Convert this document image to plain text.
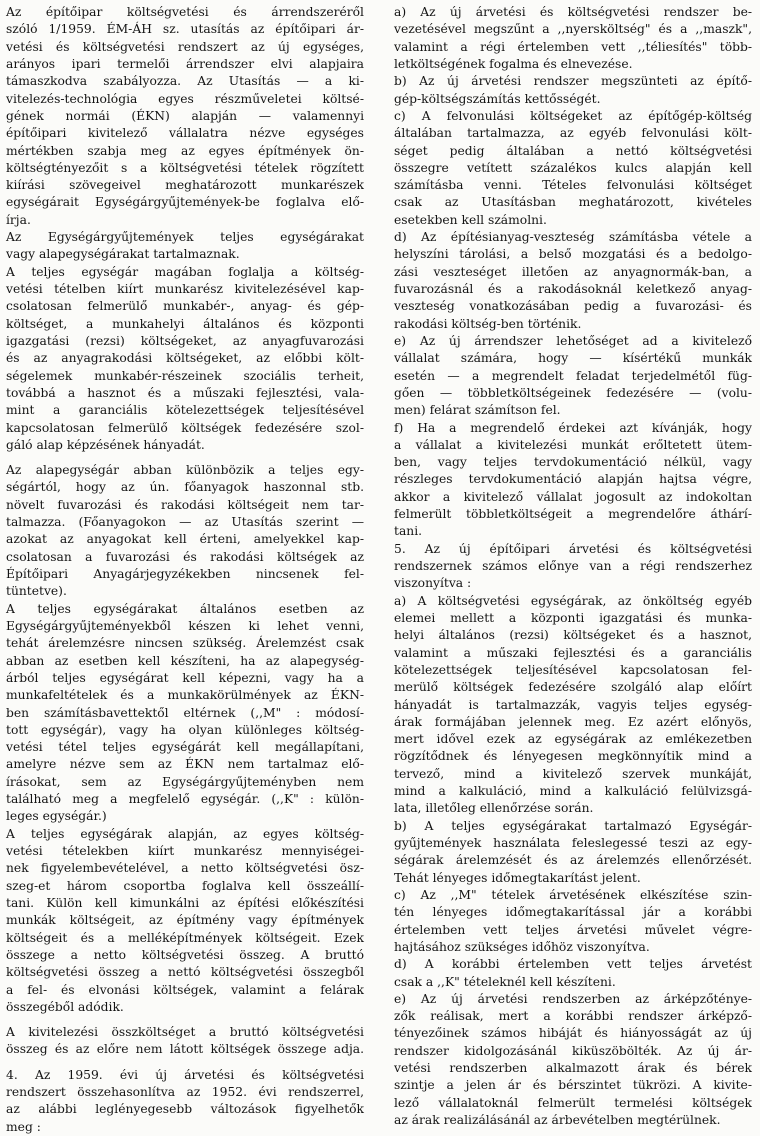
Az építőipar költségvetési és árrendszeréről
szóló 1/1959. ÉM-ÁH sz. utasítás az építőipari ár-
vetési és költségvetési rendszert az új egységes,
arányos ipari termelői árrendszer elvi alapjaira
támaszkodva szabályozza. Az Utasítás — a ki-
vitelezés-technológia egyes részműveletei költsé-
gének normái (ÉKN) alapján — valamennyi
építőipari kivitelező vállalatra nézve egységes
mértékben szabja meg az egyes építmények ön-
költségtényezőit s a költségvetési tételek rögzített
kiírási szövegeivel meghatározott munkarészek
egységárait Egységárgyűjtemények-be foglalva elő-
írja.
Az Egységárgyűjtemények teljes egységárakat
vagy alapegységárakat tartalmaznak.
A teljes egységár magában foglalja a költség-
vetési tételben kiírt munkarész kivitelezésével kap-
csolatosan felmerülő munkabér-, anyag- és gép-
költséget, a munkahelyi általános és központi
igazgatási (rezsi) költségeket, az anyagfuvarozási
és az anyagrakodási költségeket, az előbbi költ-
ségelemek munkabér-részeinek szociális terheit,
továbbá a hasznot és a műszaki fejlesztési, vala-
mint a garanciális kötelezettségek teljesítésével
kapcsolatosan felmerülő költségek fedezésére szol-
gáló alap képzésének hányadát.
Az alapegységár abban különbözik a teljes egy-
ségártól, hogy az ún. főanyagok haszonnal stb.
növelt fuvarozási és rakodási költségeit nem tar-
talmazza. (Főanyagokon — az Utasítás szerint —
azokat az anyagokat kell érteni, amelyekkel kap-
csolatosan a fuvarozási és rakodási költségek az
Építőipari Anyagárjegyzékekben nincsenek fel-
tüntetve).
A teljes egységárakat általános esetben az
Egységárgyűjteményekből készen ki lehet venni,
tehát árelemzésre nincsen szükség. Árelemzést csak
abban az esetben kell készíteni, ha az alapegység-
árból teljes egységárat kell képezni, vagy ha a
munkafeltételek és a munkakörülmények az ÉKN-
ben számításbavettektől eltérnek (,,M" : módosí-
tott egységár), vagy ha olyan különleges költség-
vetési tétel teljes egységárát kell megállapítani,
amelyre nézve sem az ÉKN nem tartalmaz elő-
írásokat, sem az Egységárgyűjteményben nem
található meg a megfelelő egységár. (,,K" : külön-
leges egységár.)
A teljes egységárak alapján, az egyes költség-
vetési tételekben kiírt munkarész mennyiségei-
nek figyelembevételével, a netto költségvetési ösz-
szeg-et három csoportba foglalva kell összeállí-
tani. Külön kell kimunkálni az építési előkészítési
munkák költségeit, az építmény vagy építmények
költségeit és a melléképítmények költségeit. Ezek
összege a netto költségvetési összeg. A bruttó
költségvetési összeg a nettó költségvetési összegből
a fel- és elvonási költségek, valamint a felárak
összegéből adódik.
A kivitelezési összköltséget a bruttó költségvetési
összeg és az előre nem látott költségek összege adja.
4. Az 1959. évi új árvetési és költségvetési
rendszert összehasonlítva az 1952. évi rendszerrel,
az alábbi leglényegesebb változások figyelhetők
meg :
a) Az új árvetési és költségvetési rendszer be-
vezetésével megszűnt a ,,nyersköltség" és a ,,maszk",
valamint a régi értelemben vett ,,téliesítés" több-
letköltségének fogalma és elnevezése.
b) Az új árvetési rendszer megszünteti az építő-
gép-költségszámítás kettősségét.
c) A felvonulási költségeket az építőgép-költség
általában tartalmazza, az egyéb felvonulási költ-
séget pedig általában a nettó költségvetési
összegre vetített százalékos kulcs alapján kell
számításba venni. Tételes felvonulási költséget
csak az Utasításban meghatározott, kivételes
esetekben kell számolni.
d) Az építésianyag-veszteség számításba vétele a
helyszíni tárolási, a belső mozgatási és a bedolgo-
zási veszteséget illetően az anyagnormák-ban, a
fuvarozásnál és a rakodásoknál keletkező anyag-
veszteség vonatkozásában pedig a fuvarozási- és
rakodási költség-ben történik.
e) Az új árrendszer lehetőséget ad a kivitelező
vállalat számára, hogy — kísértékű munkák
esetén — a megrendelt feladat terjedelmétől füg-
gően — többletköltségeinek fedezésére — (volu-
men) felárat számítson fel.
f) Ha a megrendelő érdekei azt kívánják, hogy
a vállalat a kivitelezési munkát erőltetett ütem-
ben, vagy teljes tervdokumentáció nélkül, vagy
részleges tervdokumentáció alapján hajtsa végre,
akkor a kivitelező vállalat jogosult az indokoltan
felmerült többletköltségeit a megrendelőre áthárí-
tani.
5. Az új építőipari árvetési és költségvetési
rendszernek számos előnye van a régi rendszerhez
viszonyítva :
a) A költségvetési egységárak, az önköltség egyéb
elemei mellett a központi igazgatási és munka-
helyi általános (rezsi) költségeket és a hasznot,
valamint a műszaki fejlesztési és a garanciális
kötelezettségek teljesítésével kapcsolatosan fel-
merülő költségek fedezésére szolgáló alap előírt
hányadát is tartalmazzák, vagyis teljes egység-
árak formájában jelennek meg. Ez azért előnyös,
mert idővel ezek az egységárak az emlékezetben
rögzítődnek és lényegesen megkönnyítik mind a
tervező, mind a kivitelező szervek munkáját,
mind a kalkuláció, mind a kalkuláció felülvizsgá-
lata, illetőleg ellenőrzése során.
b) A teljes egységárakat tartalmazó Egységár-
gyűjtemények használata feleslegessé teszi az egy-
ségárak árelemzését és az árelemzés ellenőrzését.
Tehát lényeges időmegtakarítást jelent.
c) Az ,,M" tételek árvetésének elkészítése szin-
tén lényeges időmegtakarítással jár a korábbi
értelemben vett teljes árvetési művelet végre-
hajtásához szükséges időhöz viszonyítva.
d) A korábbi értelemben vett teljes árvetést
csak a ,,K" tételeknél kell készíteni.
e) Az új árvetési rendszerben az árképzőténye-
zők reálisak, mert a korábbi rendszer árképző-
tényezőinek számos hibáját és hiányosságát az új
rendszer kidolgozásánál kiküszöbölték. Az új ár-
vetési rendszerben alkalmazott árak és bérek
szintje a jelen ár és bérszintet tükrözi. A kivite-
lező vállalatoknál felmerült termelési költségek
az árak realizálásánál az árbevételben megtérülnek.
